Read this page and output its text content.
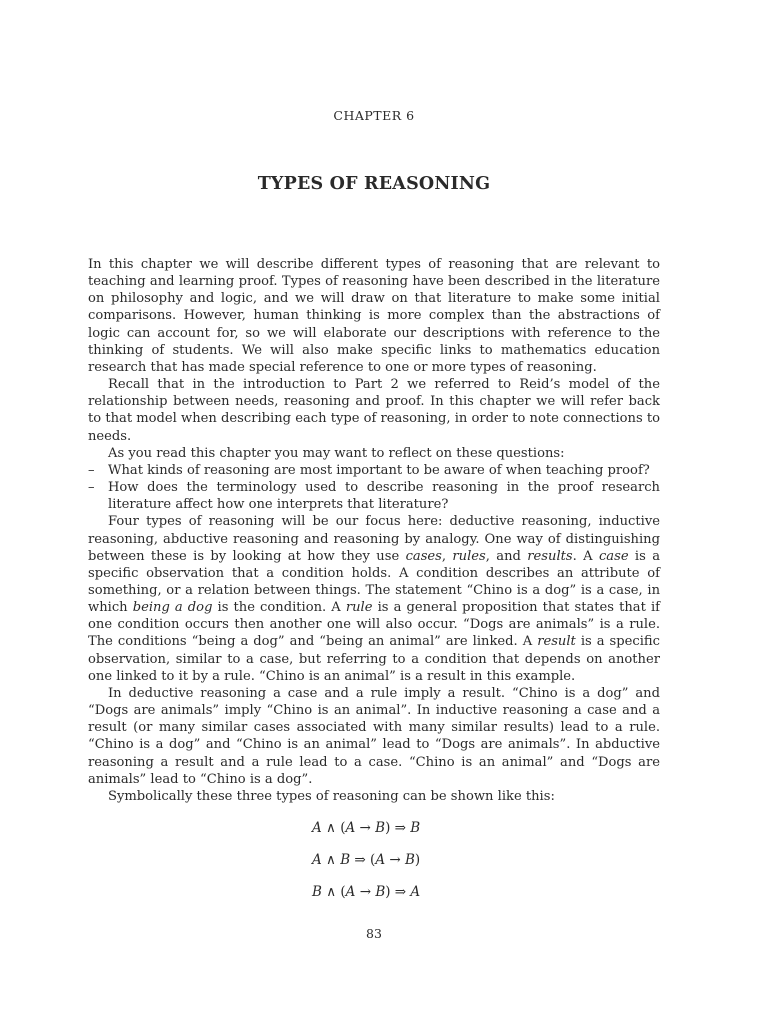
CHAPTER 6
TYPES OF REASONING

In this chapter we will describe different types of reasoning that are relevant to teaching and learning proof. Types of reasoning have been described in the literature on philosophy and logic, and we will draw on that literature to make some initial comparisons. However, human thinking is more complex than the abstractions of logic can account for, so we will elaborate our descriptions with reference to the thinking of students. We will also make specific links to mathematics education research that has made special reference to one or more types of reasoning.

Recall that in the introduction to Part 2 we referred to Reid’s model of the relationship between needs, reasoning and proof. In this chapter we will refer back to that model when describing each type of reasoning, in order to note connections to needs.

As you read this chapter you may want to reflect on these questions:

– What kinds of reasoning are most important to be aware of when teaching proof?
– How does the terminology used to describe reasoning in the proof research literature affect how one interprets that literature?

Four types of reasoning will be our focus here: deductive reasoning, inductive reasoning, abductive reasoning and reasoning by analogy. One way of distinguishing between these is by looking at how they use cases, rules, and results. A case is a specific observation that a condition holds. A condition describes an attribute of something, or a relation between things. The statement “Chino is a dog” is a case, in which being a dog is the condition. A rule is a general proposition that states that if one condition occurs then another one will also occur. “Dogs are animals” is a rule. The conditions “being a dog” and “being an animal” are linked. A result is a specific observation, similar to a case, but referring to a condition that depends on another one linked to it by a rule. “Chino is an animal” is a result in this example.

In deductive reasoning a case and a rule imply a result. “Chino is a dog” and “Dogs are animals” imply “Chino is an animal”. In inductive reasoning a case and a result (or many similar cases associated with many similar results) lead to a rule. “Chino is a dog” and “Chino is an animal” lead to “Dogs are animals”. In abductive reasoning a result and a rule lead to a case. “Chino is an animal” and “Dogs are animals” lead to “Chino is a dog”.

Symbolically these three types of reasoning can be shown like this:

A ∧ (A → B) ⇒ B
A ∧ B ⇒ (A → B)
B ∧ (A → B) ⇒ A
83
